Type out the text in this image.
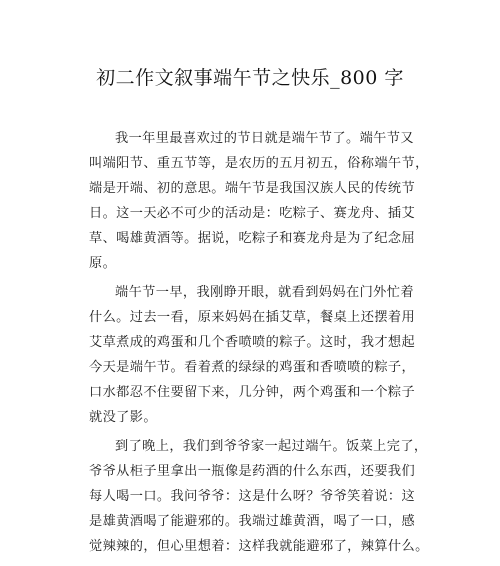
初二作文叙事端午节之快乐_800 字
我一年里最喜欢过的节日就是端午节了。端午节又
叫端阳节、重五节等，是农历的五月初五，俗称端午节，
端是开端、初的意思。端午节是我国汉族人民的传统节
日。这一天必不可少的活动是：吃粽子、赛龙舟、插艾
草、喝雄黄酒等。据说，吃粽子和赛龙舟是为了纪念屈
原。
端午节一早，我刚睁开眼，就看到妈妈在门外忙着
什么。过去一看，原来妈妈在插艾草，餐桌上还摆着用
艾草煮成的鸡蛋和几个香喷喷的粽子。这时，我才想起
今天是端午节。看着煮的绿绿的鸡蛋和香喷喷的粽子，
口水都忍不住要留下来，几分钟，两个鸡蛋和一个粽子
就没了影。
到了晚上，我们到爷爷家一起过端午。饭菜上完了，
爷爷从柜子里拿出一瓶像是药酒的什么东西，还要我们
每人喝一口。我问爷爷：这是什么呀？爷爷笑着说：这
是雄黄酒喝了能避邪的。我端过雄黄酒，喝了一口，感
觉辣辣的，但心里想着：这样我就能避邪了，辣算什么。
